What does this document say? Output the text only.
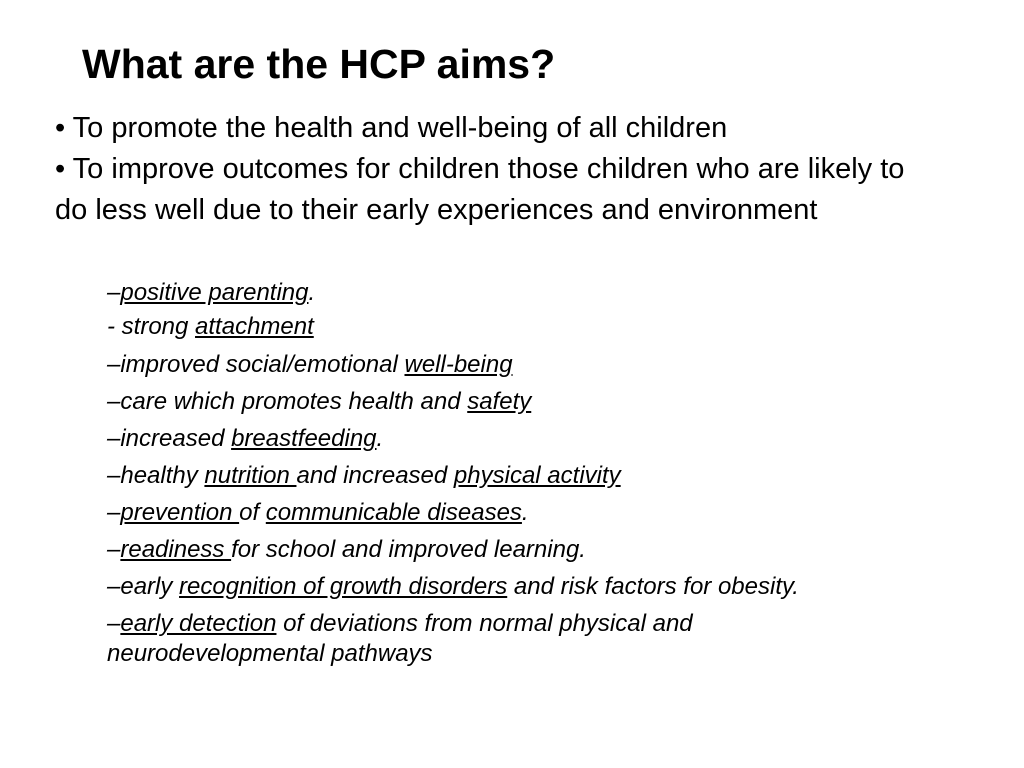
What are the HCP aims?

• To promote the health and well-being of all children

• To improve outcomes for children those children who are likely to do less well due to their early experiences and environment

–positive parenting.

- strong attachment

–improved social/emotional well-being

–care which promotes health and safety

–increased breastfeeding.

–healthy nutrition and increased physical activity

–prevention of communicable diseases.

–readiness for school and improved learning.

–early recognition of growth disorders and risk factors for obesity.

–early detection of deviations from normal physical and neurodevelopmental pathways
